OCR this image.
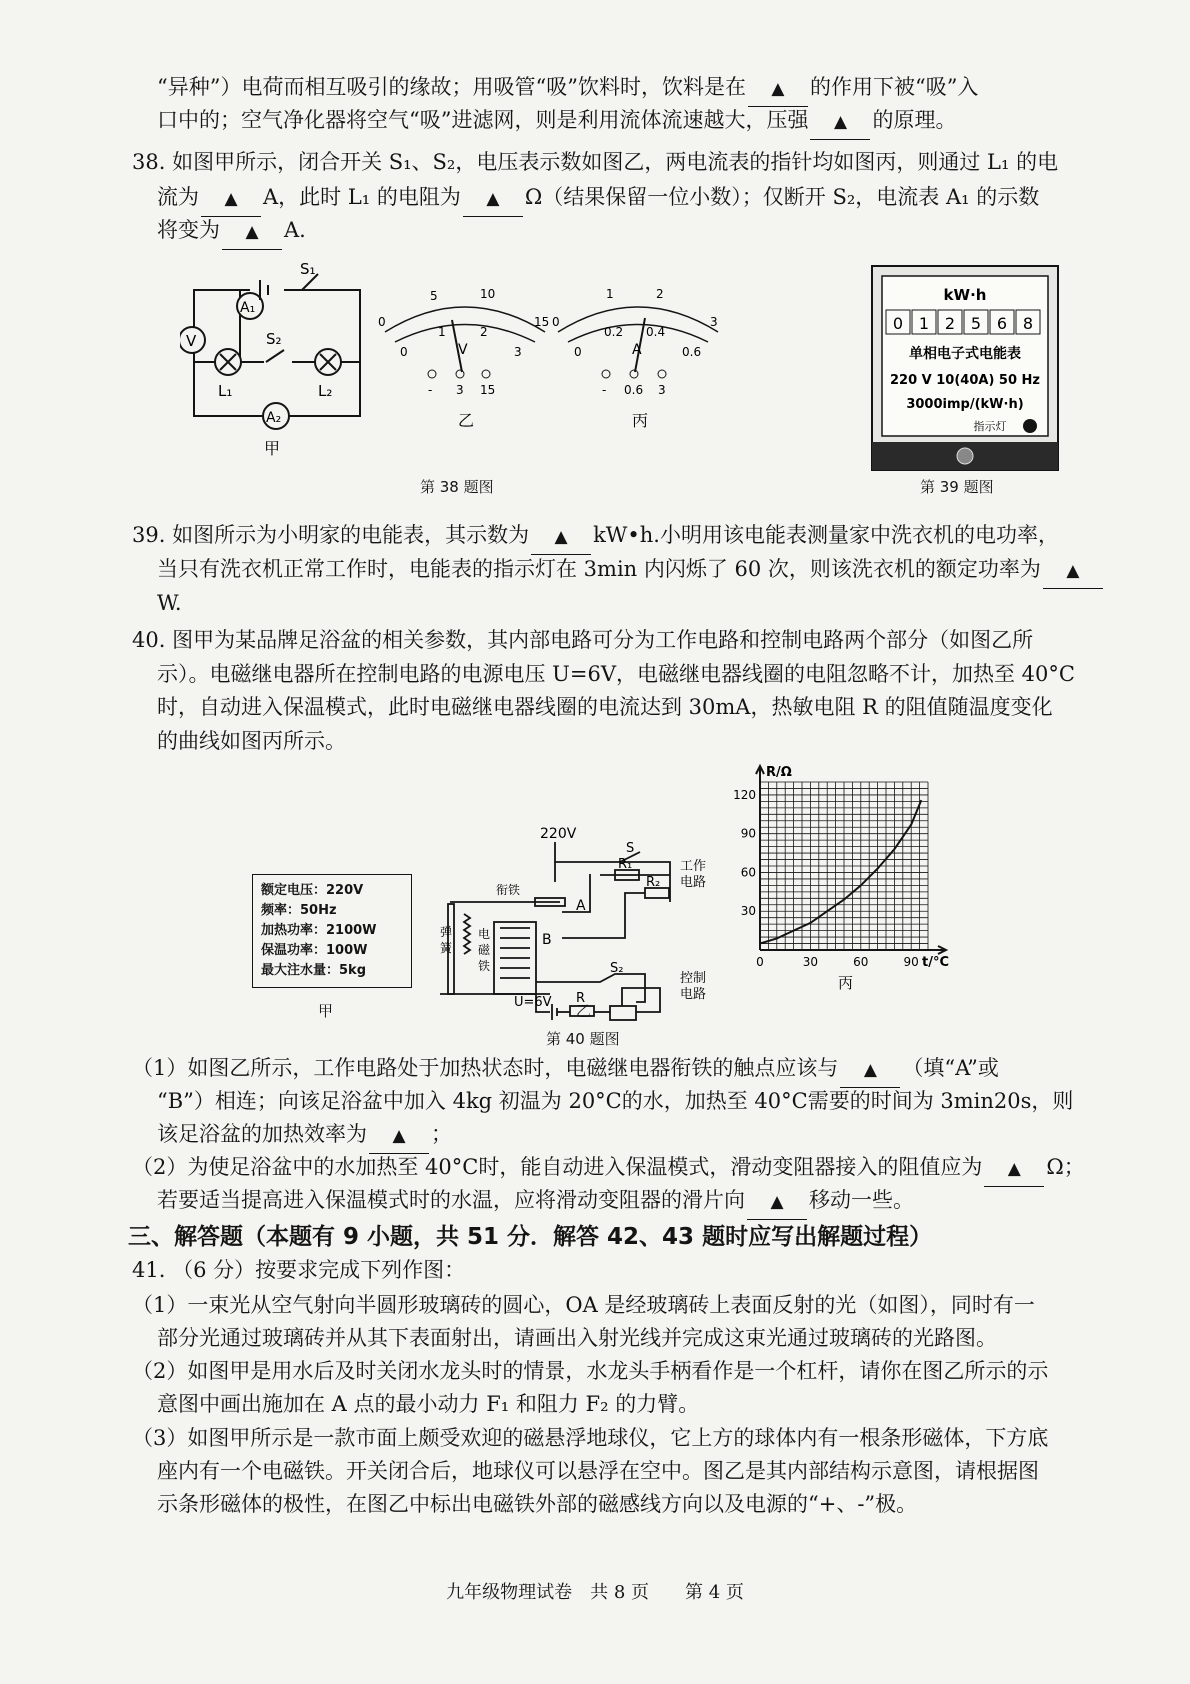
“异种”）电荷而相互吸引的缘故；用吸管“吸”饮料时，饮料是在 ▲	的作用下被“吸”入
口中的；空气净化器将空气“吸”进滤网，则是利用流体流速越大，压强 ▲	的原理。
38. 如图甲所示，闭合开关 S₁、S₂，电压表示数如图乙，两电流表的指针均如图丙，则通过 L₁ 的电
流为 ▲	A，此时 L₁ 的电阻为 ▲	Ω（结果保留一位小数）；仅断开 S₂，电流表 A₁ 的示数
将变为 ▲	A.
S₁
S₂
V
A₁
A₂
L₁	L₂
甲
0
5	10
15
0
1	2
3
V
- 3 15
乙
0
1	2
3
0
0.2 0.4
0.6
A
- 0.6 3
丙
第 38 题图
kW·h
0 1 2 5 6 8
单相电子式电能表
220 V 10(40A) 50 Hz
3000imp/(kW·h)
指示灯
第 39 题图
39. 如图所示为小明家的电能表，其示数为 ▲	kW•h.小明用该电能表测量家中洗衣机的电功率，
当只有洗衣机正常工作时，电能表的指示灯在 3min 内闪烁了 60 次，则该洗衣机的额定功率为▲
W.
40. 图甲为某品牌足浴盆的相关参数，其内部电路可分为工作电路和控制电路两个部分（如图乙所
示）。电磁继电器所在控制电路的电源电压 U=6V，电磁继电器线圈的电阻忽略不计，加热至 40°C
时，自动进入保温模式，此时电磁继电器线圈的电流达到 30mA，热敏电阻 R 的阻值随温度变化
的曲线如图丙所示。
额定电压：220V
频率：50Hz
加热功率：2100W
保温功率：100W
最大注水量：5kg
甲
220V
S
R₁
R₂
A
B
工作
电路
衔铁
弹
簧
电
磁
铁
U=6V R
S₂
控制
电路
乙
第 40 题图
0	30	60	90
30
60
90
120
R/Ω
t/°C
丙
（1）如图乙所示，工作电路处于加热状态时，电磁继电器衔铁的触点应该与 ▲	（填“A”或
“B”）相连；向该足浴盆中加入 4kg 初温为 20°C的水，加热至 40°C需要的时间为 3min20s，则
该足浴盆的加热效率为 ▲	；
（2）为使足浴盆中的水加热至 40°C时，能自动进入保温模式，滑动变阻器接入的阻值应为 ▲	Ω；
若要适当提高进入保温模式时的水温，应将滑动变阻器的滑片向 ▲	移动一些。
三、解答题（本题有 9 小题，共 51 分．解答 42、43 题时应写出解题过程）
41. （6 分）按要求完成下列作图：
（1）一束光从空气射向半圆形玻璃砖的圆心，OA 是经玻璃砖上表面反射的光（如图），同时有一
部分光通过玻璃砖并从其下表面射出，请画出入射光线并完成这束光通过玻璃砖的光路图。
（2）如图甲是用水后及时关闭水龙头时的情景，水龙头手柄看作是一个杠杆，请你在图乙所示的示
意图中画出施加在 A 点的最小动力 F₁ 和阻力 F₂ 的力臂。
（3）如图甲所示是一款市面上颇受欢迎的磁悬浮地球仪，它上方的球体内有一根条形磁体，下方底
座内有一个电磁铁。开关闭合后，地球仪可以悬浮在空中。图乙是其内部结构示意图，请根据图
示条形磁体的极性，在图乙中标出电磁铁外部的磁感线方向以及电源的“+、-”极。
九年级物理试卷　共 8 页　　第 4 页
